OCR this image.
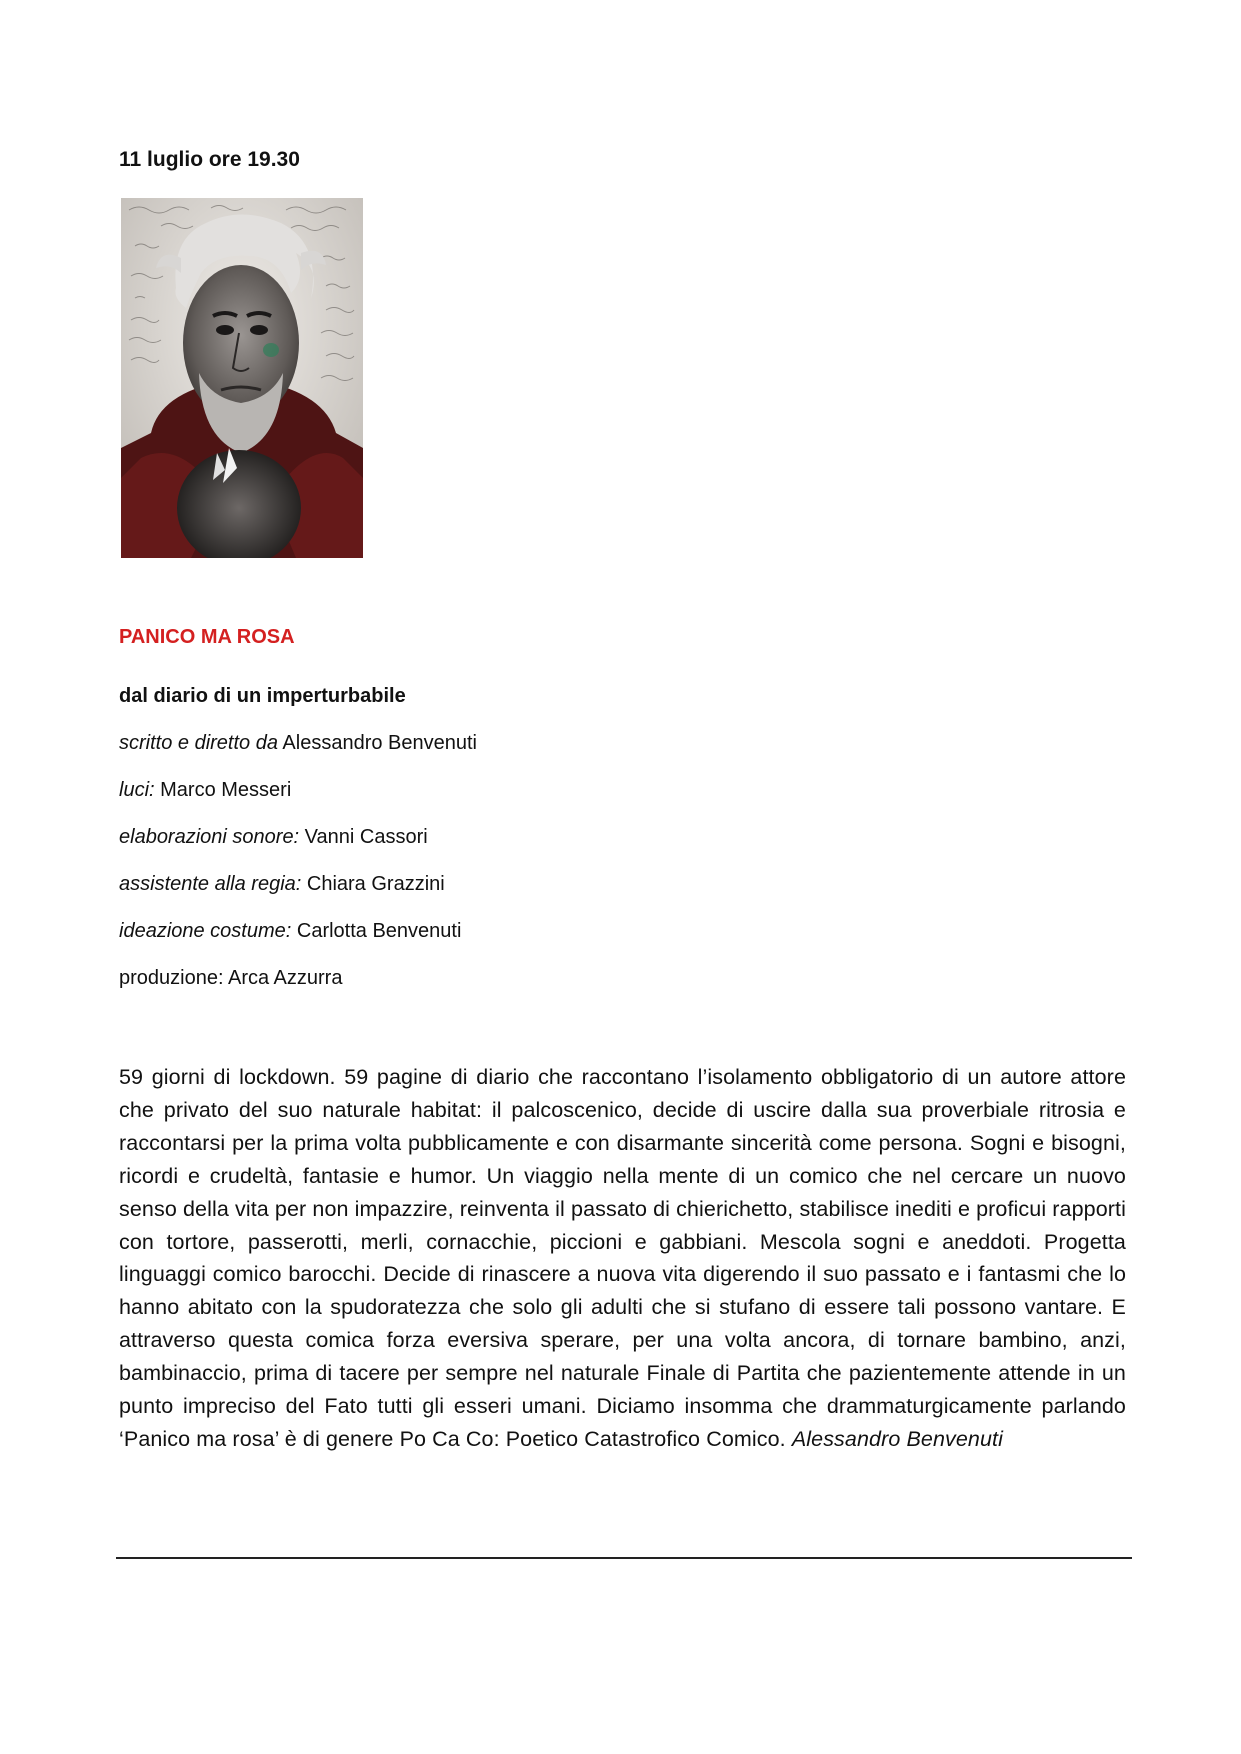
11 luglio ore 19.30

PANICO MA ROSA

dal diario di un imperturbabile
scritto e diretto da Alessandro Benvenuti
luci: Marco Messeri
elaborazioni sonore: Vanni Cassori
assistente alla regia: Chiara Grazzini
ideazione costume: Carlotta Benvenuti
produzione: Arca Azzurra

59 giorni di lockdown. 59 pagine di diario che raccontano l’isolamento obbligatorio di un autore attore che privato del suo naturale habitat: il palcoscenico, decide di uscire dalla sua proverbiale ritrosia e raccontarsi per la prima volta pubblicamente e con disarmante sincerità come persona. Sogni e bisogni, ricordi e crudeltà, fantasie e humor. Un viaggio nella mente di un comico che nel cercare un nuovo senso della vita per non impazzire, reinventa il passato di chierichetto, stabilisce inediti e proficui rapporti con tortore, passerotti, merli, cornacchie, piccioni e gabbiani. Mescola sogni e aneddoti. Progetta linguaggi comico barocchi. Decide di rinascere a nuova vita digerendo il suo passato e i fantasmi che lo hanno abitato con la spudoratezza che solo gli adulti che si stufano di essere tali possono vantare. E attraverso questa comica forza eversiva sperare, per una volta ancora, di tornare bambino, anzi, bambinaccio, prima di tacere per sempre nel naturale Finale di Partita che pazientemente attende in un punto impreciso del Fato tutti gli esseri umani. Diciamo insomma che drammaturgicamente parlando ‘Panico ma rosa’ è di genere Po Ca Co: Poetico Catastrofico Comico. Alessandro Benvenuti
